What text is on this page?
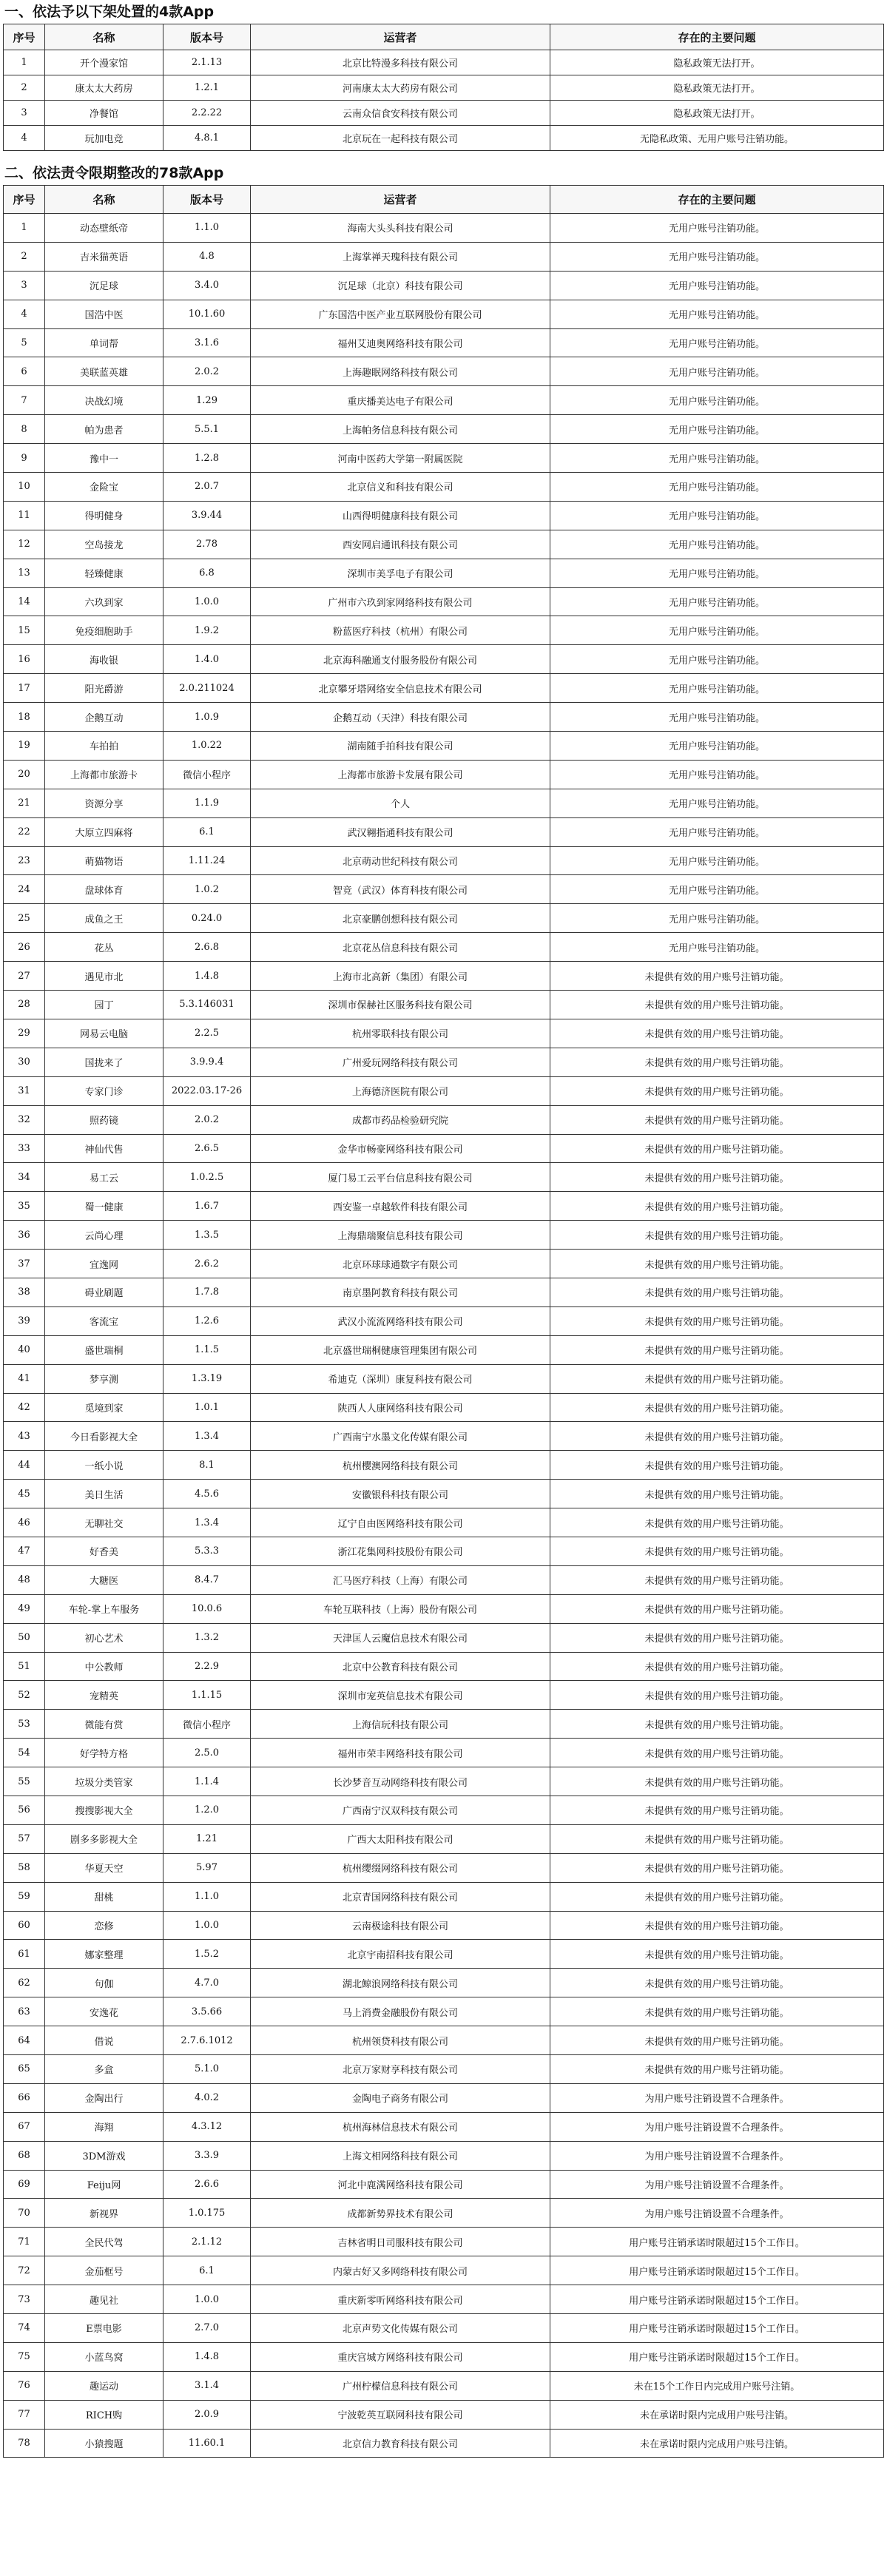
一、依法予以下架处置的4款App
序号	名称	版本号	运营者	存在的主要问题
1	开个漫家馆	2.1.13	北京比特漫多科技有限公司	隐私政策无法打开。
2	康太太大药房	1.2.1	河南康太太大药房有限公司	隐私政策无法打开。
3	净餐馆	2.2.22	云南众信食安科技有限公司	隐私政策无法打开。
4	玩加电竞	4.8.1	北京玩在一起科技有限公司	无隐私政策、无用户账号注销功能。
二、依法责令限期整改的78款App
序号	名称	版本号	运营者	存在的主要问题
1	动态壁纸帝	1.1.0	海南大头头科技有限公司	无用户账号注销功能。
2	吉米猫英语	4.8	上海掌禅天瑰科技有限公司	无用户账号注销功能。
3	沉足球	3.4.0	沉足球（北京）科技有限公司	无用户账号注销功能。
4	国浩中医	10.1.60	广东国浩中医产业互联网股份有限公司	无用户账号注销功能。
5	单词帮	3.1.6	福州艾迪奥网络科技有限公司	无用户账号注销功能。
6	美联蓝英雄	2.0.2	上海趣眠网络科技有限公司	无用户账号注销功能。
7	决战幻境	1.29	重庆播美达电子有限公司	无用户账号注销功能。
8	帕为患者	5.5.1	上海帕务信息科技有限公司	无用户账号注销功能。
9	豫中一	1.2.8	河南中医药大学第一附属医院	无用户账号注销功能。
10	金险宝	2.0.7	北京信义和科技有限公司	无用户账号注销功能。
11	得明健身	3.9.44	山西得明健康科技有限公司	无用户账号注销功能。
12	空岛接龙	2.78	西安网启通讯科技有限公司	无用户账号注销功能。
13	轻臻健康	6.8	深圳市美孚电子有限公司	无用户账号注销功能。
14	六玖到家	1.0.0	广州市六玖到家网络科技有限公司	无用户账号注销功能。
15	免疫细胞助手	1.9.2	粉蓝医疗科技（杭州）有限公司	无用户账号注销功能。
16	海收银	1.4.0	北京海科融通支付服务股份有限公司	无用户账号注销功能。
17	阳光爵游	2.0.211024	北京攀牙塔网络安全信息技术有限公司	无用户账号注销功能。
18	企鹅互动	1.0.9	企鹅互动（天津）科技有限公司	无用户账号注销功能。
19	车拍拍	1.0.22	湖南随手拍科技有限公司	无用户账号注销功能。
20	上海都市旅游卡	微信小程序	上海都市旅游卡发展有限公司	无用户账号注销功能。
21	资源分享	1.1.9	个人	无用户账号注销功能。
22	大原立四麻将	6.1	武汉翱指通科技有限公司	无用户账号注销功能。
23	萌猫物语	1.11.24	北京萌动世纪科技有限公司	无用户账号注销功能。
24	盘球体育	1.0.2	智竞（武汉）体育科技有限公司	无用户账号注销功能。
25	成鱼之王	0.24.0	北京豪鹏创想科技有限公司	无用户账号注销功能。
26	花丛	2.6.8	北京花丛信息科技有限公司	无用户账号注销功能。
27	遇见市北	1.4.8	上海市北高新（集团）有限公司	未提供有效的用户账号注销功能。
28	园丁	5.3.146031	深圳市保赫社区服务科技有限公司	未提供有效的用户账号注销功能。
29	网易云电脑	2.2.5	杭州零联科技有限公司	未提供有效的用户账号注销功能。
30	国拢来了	3.9.9.4	广州爱玩网络科技有限公司	未提供有效的用户账号注销功能。
31	专家门诊	2022.03.17-26	上海德济医院有限公司	未提供有效的用户账号注销功能。
32	照药镜	2.0.2	成都市药品检验研究院	未提供有效的用户账号注销功能。
33	神仙代售	2.6.5	金华市畅豪网络科技有限公司	未提供有效的用户账号注销功能。
34	易工云	1.0.2.5	厦门易工云平台信息科技有限公司	未提供有效的用户账号注销功能。
35	蜀一健康	1.6.7	西安鉴一卓越软件科技有限公司	未提供有效的用户账号注销功能。
36	云尚心理	1.3.5	上海鼎瑞聚信息科技有限公司	未提供有效的用户账号注销功能。
37	宜逸网	2.6.2	北京环球球通数字有限公司	未提供有效的用户账号注销功能。
38	碍业刷题	1.7.8	南京墨阿教育科技有限公司	未提供有效的用户账号注销功能。
39	客流宝	1.2.6	武汉小流流网络科技有限公司	未提供有效的用户账号注销功能。
40	盛世瑞桐	1.1.5	北京盛世瑞桐健康管理集团有限公司	未提供有效的用户账号注销功能。
41	梦享测	1.3.19	希迪克（深圳）康复科技有限公司	未提供有效的用户账号注销功能。
42	觅境到家	1.0.1	陕西人人康网络科技有限公司	未提供有效的用户账号注销功能。
43	今日看影视大全	1.3.4	广西南宁水墨文化传媒有限公司	未提供有效的用户账号注销功能。
44	一纸小说	8.1	杭州樱澳网络科技有限公司	未提供有效的用户账号注销功能。
45	美日生活	4.5.6	安徽银科科技有限公司	未提供有效的用户账号注销功能。
46	无聊社交	1.3.4	辽宁自由医网络科技有限公司	未提供有效的用户账号注销功能。
47	好香美	5.3.3	浙江花集网科技股份有限公司	未提供有效的用户账号注销功能。
48	大糖医	8.4.7	汇马医疗科技（上海）有限公司	未提供有效的用户账号注销功能。
49	车轮-掌上车服务	10.0.6	车轮互联科技（上海）股份有限公司	未提供有效的用户账号注销功能。
50	初心艺术	1.3.2	天津匡人云魔信息技术有限公司	未提供有效的用户账号注销功能。
51	中公教师	2.2.9	北京中公教育科技有限公司	未提供有效的用户账号注销功能。
52	宠精英	1.1.15	深圳市宠英信息技术有限公司	未提供有效的用户账号注销功能。
53	微能有赏	微信小程序	上海信玩科技有限公司	未提供有效的用户账号注销功能。
54	好学特方格	2.5.0	福州市荣丰网络科技有限公司	未提供有效的用户账号注销功能。
55	垃圾分类管家	1.1.4	长沙梦音互动网络科技有限公司	未提供有效的用户账号注销功能。
56	搜搜影视大全	1.2.0	广西南宁汉双科技有限公司	未提供有效的用户账号注销功能。
57	剧多多影视大全	1.21	广西大太阳科技有限公司	未提供有效的用户账号注销功能。
58	华夏天空	5.97	杭州缨缀网络科技有限公司	未提供有效的用户账号注销功能。
59	甜桃	1.1.0	北京青国网络科技有限公司	未提供有效的用户账号注销功能。
60	恋修	1.0.0	云南极途科技有限公司	未提供有效的用户账号注销功能。
61	娜家整理	1.5.2	北京宇南招科技有限公司	未提供有效的用户账号注销功能。
62	句伽	4.7.0	湖北鲸浪网络科技有限公司	未提供有效的用户账号注销功能。
63	安逸花	3.5.66	马上消费金融股份有限公司	未提供有效的用户账号注销功能。
64	借说	2.7.6.1012	杭州领贷科技有限公司	未提供有效的用户账号注销功能。
65	多盒	5.1.0	北京万家财享科技有限公司	未提供有效的用户账号注销功能。
66	金陶出行	4.0.2	金陶电子商务有限公司	为用户账号注销设置不合理条件。
67	海翔	4.3.12	杭州海林信息技术有限公司	为用户账号注销设置不合理条件。
68	3DM游戏	3.3.9	上海文相网络科技有限公司	为用户账号注销设置不合理条件。
69	Feiju网	2.6.6	河北中鹿满网络科技有限公司	为用户账号注销设置不合理条件。
70	新视界	1.0.175	成都新势界技术有限公司	为用户账号注销设置不合理条件。
71	全民代驾	2.1.12	吉林省明日司服科技有限公司	用户账号注销承诺时限超过15个工作日。
72	金茄框号	6.1	内蒙古好又多网络科技有限公司	用户账号注销承诺时限超过15个工作日。
73	趣见社	1.0.0	重庆新零听网络科技有限公司	用户账号注销承诺时限超过15个工作日。
74	E票电影	2.7.0	北京声势文化传媒有限公司	用户账号注销承诺时限超过15个工作日。
75	小蓝鸟窝	1.4.8	重庆宫城方网络科技有限公司	用户账号注销承诺时限超过15个工作日。
76	趣运动	3.1.4	广州柠檬信息科技有限公司	未在15个工作日内完成用户账号注销。
77	RICH购	2.0.9	宁波乾英互联网科技有限公司	未在承诺时限内完成用户账号注销。
78	小猿搜题	11.60.1	北京信力教育科技有限公司	未在承诺时限内完成用户账号注销。
